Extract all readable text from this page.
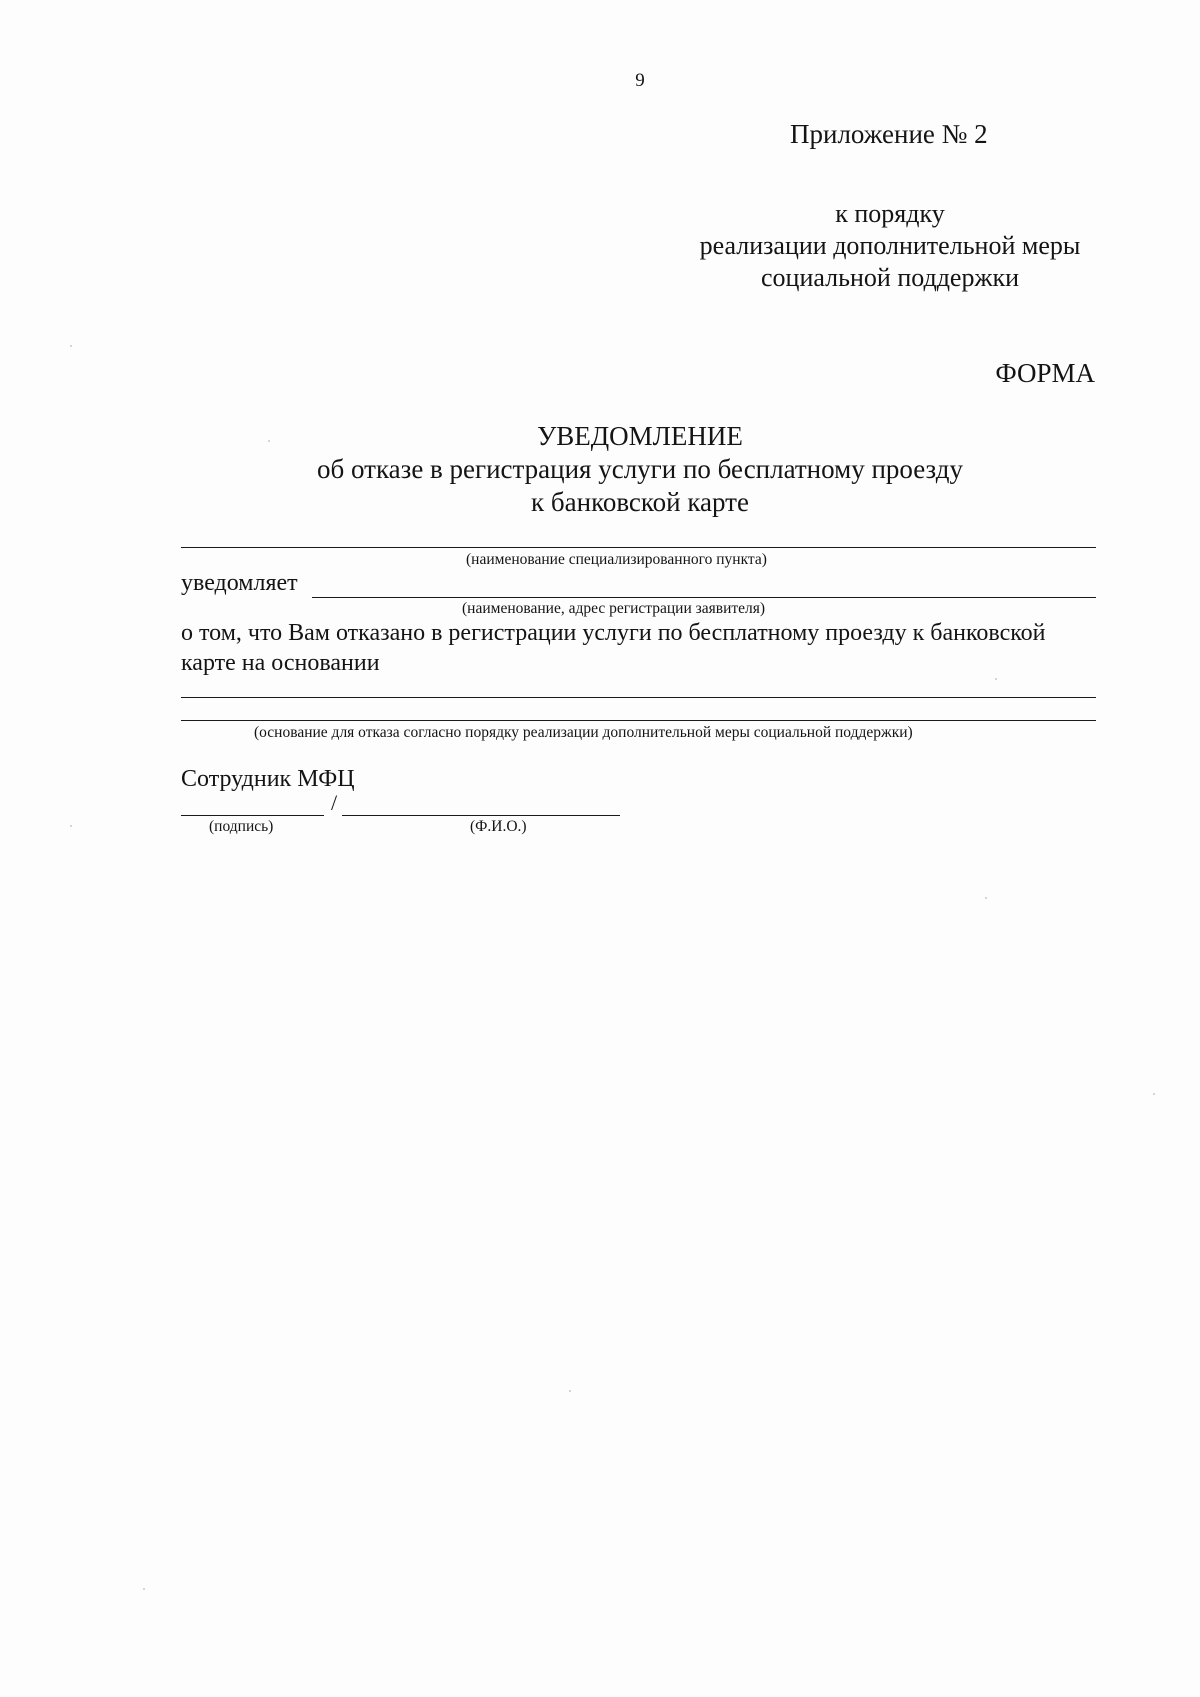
9
Приложение № 2
к порядку
реализации дополнительной меры
социальной поддержки
ФОРМА
УВЕДОМЛЕНИЕ
об отказе в регистрация услуги по бесплатному проезду
к банковской карте
(наименование специализированного пункта)
уведомляет
(наименование, адрес регистрации заявителя)
о том, что Вам отказано в регистрации услуги по бесплатному проезду к банковской
карте на основании
(основание для отказа согласно порядку реализации дополнительной меры социальной поддержки)
Сотрудник МФЦ
/
(подпись)	(Ф.И.О.)
